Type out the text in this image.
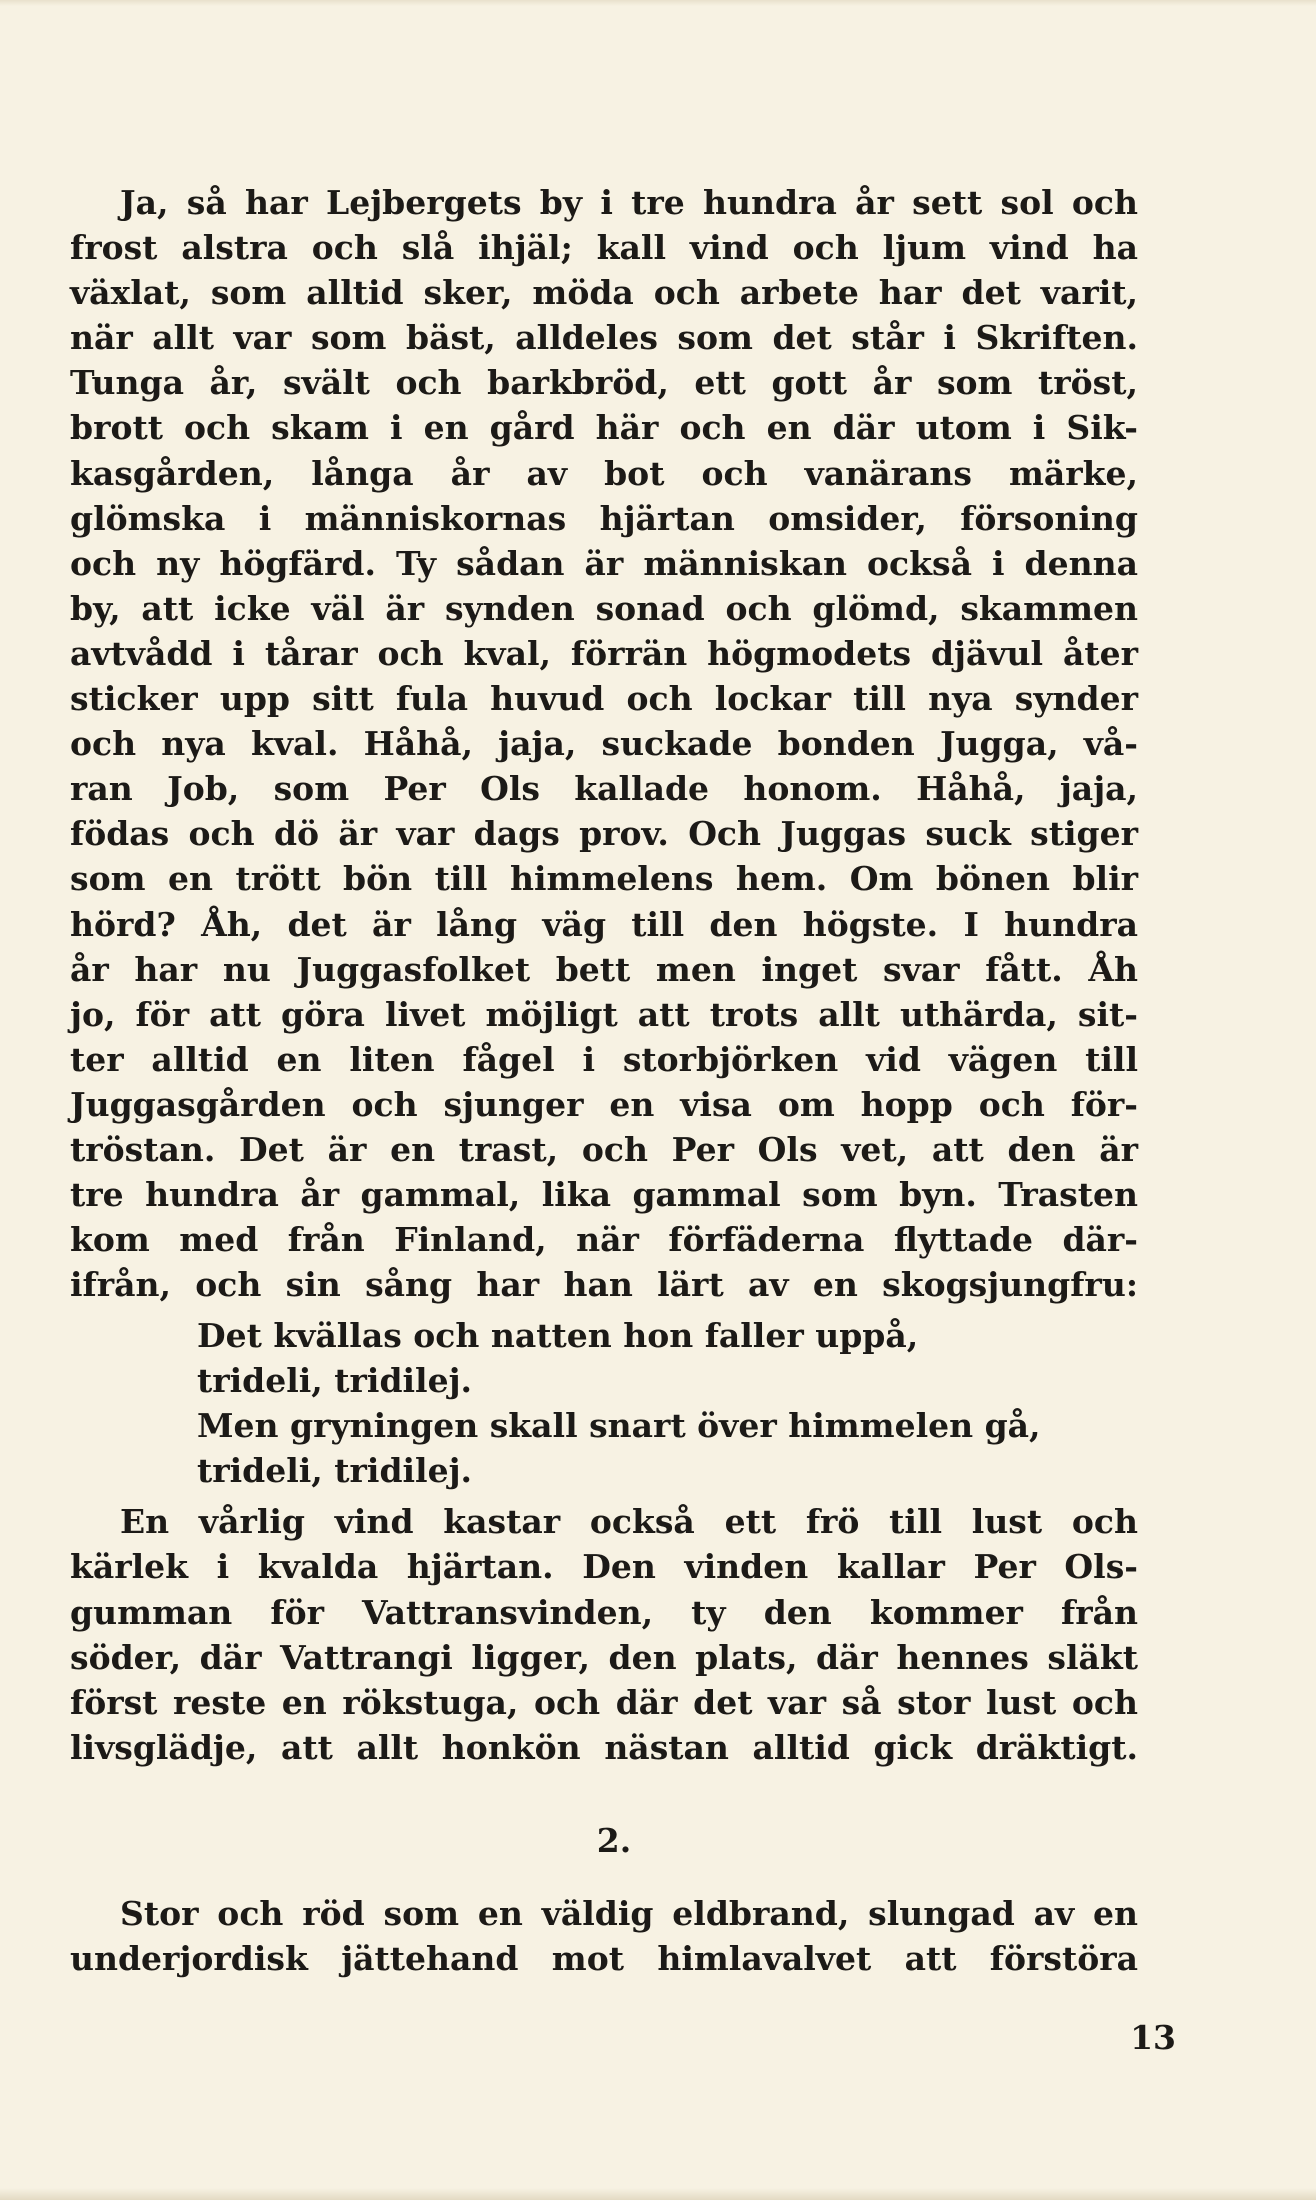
Ja, så har Lejbergets by i tre hundra år sett sol och
frost alstra och slå ihjäl; kall vind och ljum vind ha
växlat, som alltid sker, möda och arbete har det varit,
när allt var som bäst, alldeles som det står i Skriften.
Tunga år, svält och barkbröd, ett gott år som tröst,
brott och skam i en gård här och en där utom i Sik-
kasgården, långa år av bot och vanärans märke,
glömska i människornas hjärtan omsider, försoning
och ny högfärd. Ty sådan är människan också i denna
by, att icke väl är synden sonad och glömd, skammen
avtvådd i tårar och kval, förrän högmodets djävul åter
sticker upp sitt fula huvud och lockar till nya synder
och nya kval. Håhå, jaja, suckade bonden Jugga, vå-
ran Job, som Per Ols kallade honom. Håhå, jaja,
födas och dö är var dags prov. Och Juggas suck stiger
som en trött bön till himmelens hem. Om bönen blir
hörd? Åh, det är lång väg till den högste. I hundra
år har nu Juggasfolket bett men inget svar fått. Åh
jo, för att göra livet möjligt att trots allt uthärda, sit-
ter alltid en liten fågel i storbjörken vid vägen till
Juggasgården och sjunger en visa om hopp och för-
tröstan. Det är en trast, och Per Ols vet, att den är
tre hundra år gammal, lika gammal som byn. Trasten
kom med från Finland, när förfäderna flyttade där-
ifrån, och sin sång har han lärt av en skogsjungfru:
Det kvällas och natten hon faller uppå,
trideli, tridilej.
Men gryningen skall snart över himmelen gå,
trideli, tridilej.
En vårlig vind kastar också ett frö till lust och
kärlek i kvalda hjärtan. Den vinden kallar Per Ols-
gumman för Vattransvinden, ty den kommer från
söder, där Vattrangi ligger, den plats, där hennes släkt
först reste en rökstuga, och där det var så stor lust och
livsglädje, att allt honkön nästan alltid gick dräktigt.
2.
Stor och röd som en väldig eldbrand, slungad av en
underjordisk jättehand mot himlavalvet att förstöra
13
